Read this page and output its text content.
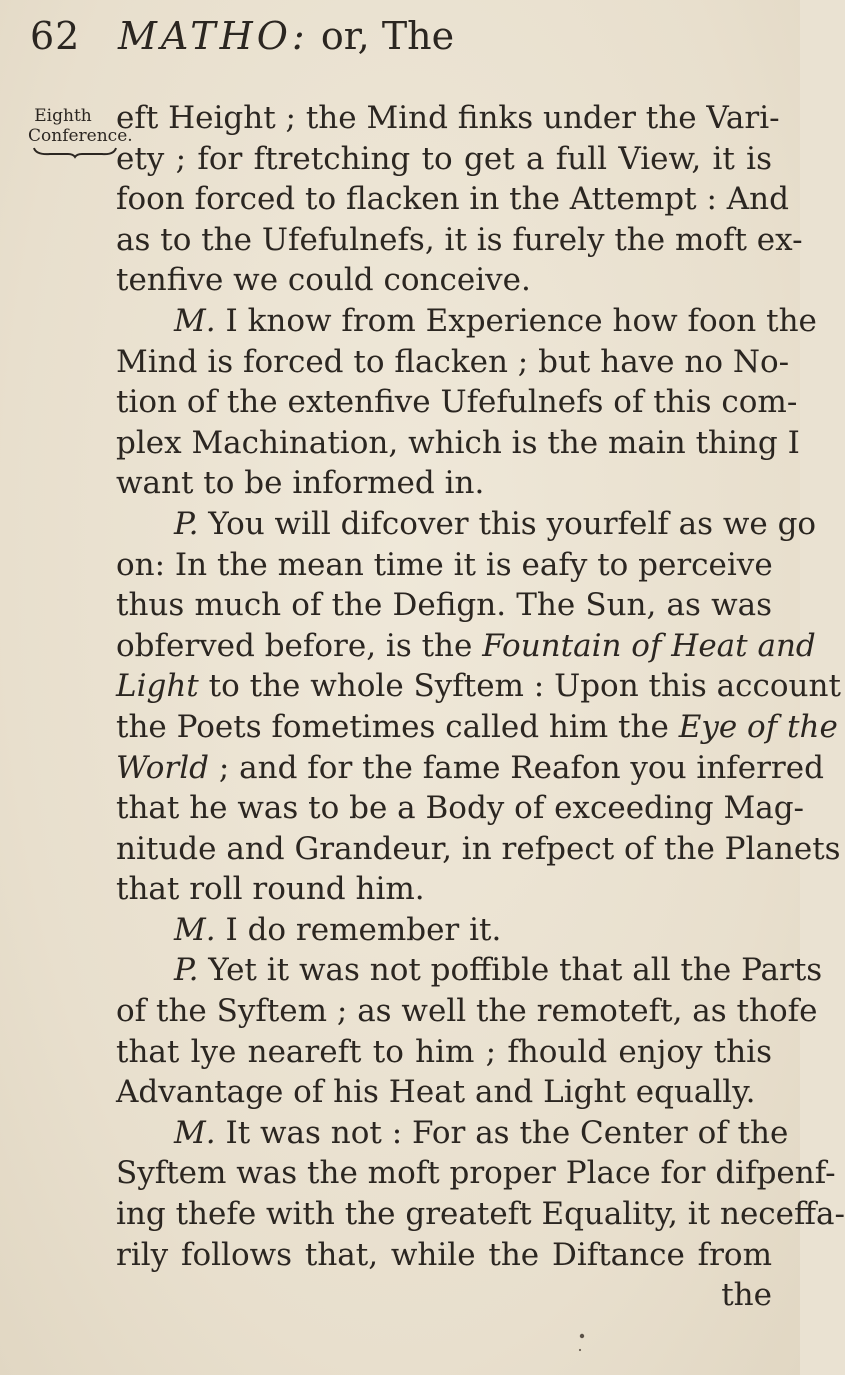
62 MATHO: or, The
Eighth
Conference.
eft Height ; the Mind finks under the Vari-
ety ; for ftretching to get a full View, it is
foon forced to flacken in the Attempt : And
as to the Ufefulnefs, it is furely the moft ex-
tenfive we could conceive.
M. I know from Experience how foon the
Mind is forced to flacken ; but have no No-
tion of the extenfive Ufefulnefs of this com-
plex Machination, which is the main thing I
want to be informed in.
P. You will difcover this yourfelf as we go
on: In the mean time it is eafy to perceive
thus much of the Defign. The Sun, as was
obferved before, is the Fountain of Heat and
Light to the whole Syftem : Upon this account
the Poets fometimes called him the Eye of the
World ; and for the fame Reafon you inferred
that he was to be a Body of exceeding Mag-
nitude and Grandeur, in refpect of the Planets
that roll round him.
M. I do remember it.
P. Yet it was not poffible that all the Parts
of the Syftem ; as well the remoteft, as thofe
that lye neareft to him ; fhould enjoy this
Advantage of his Heat and Light equally.
M. It was not : For as the Center of the
Syftem was the moft proper Place for difpenf-
ing thefe with the greateft Equality, it neceffa-
rily follows that, while the Diftance from
the
